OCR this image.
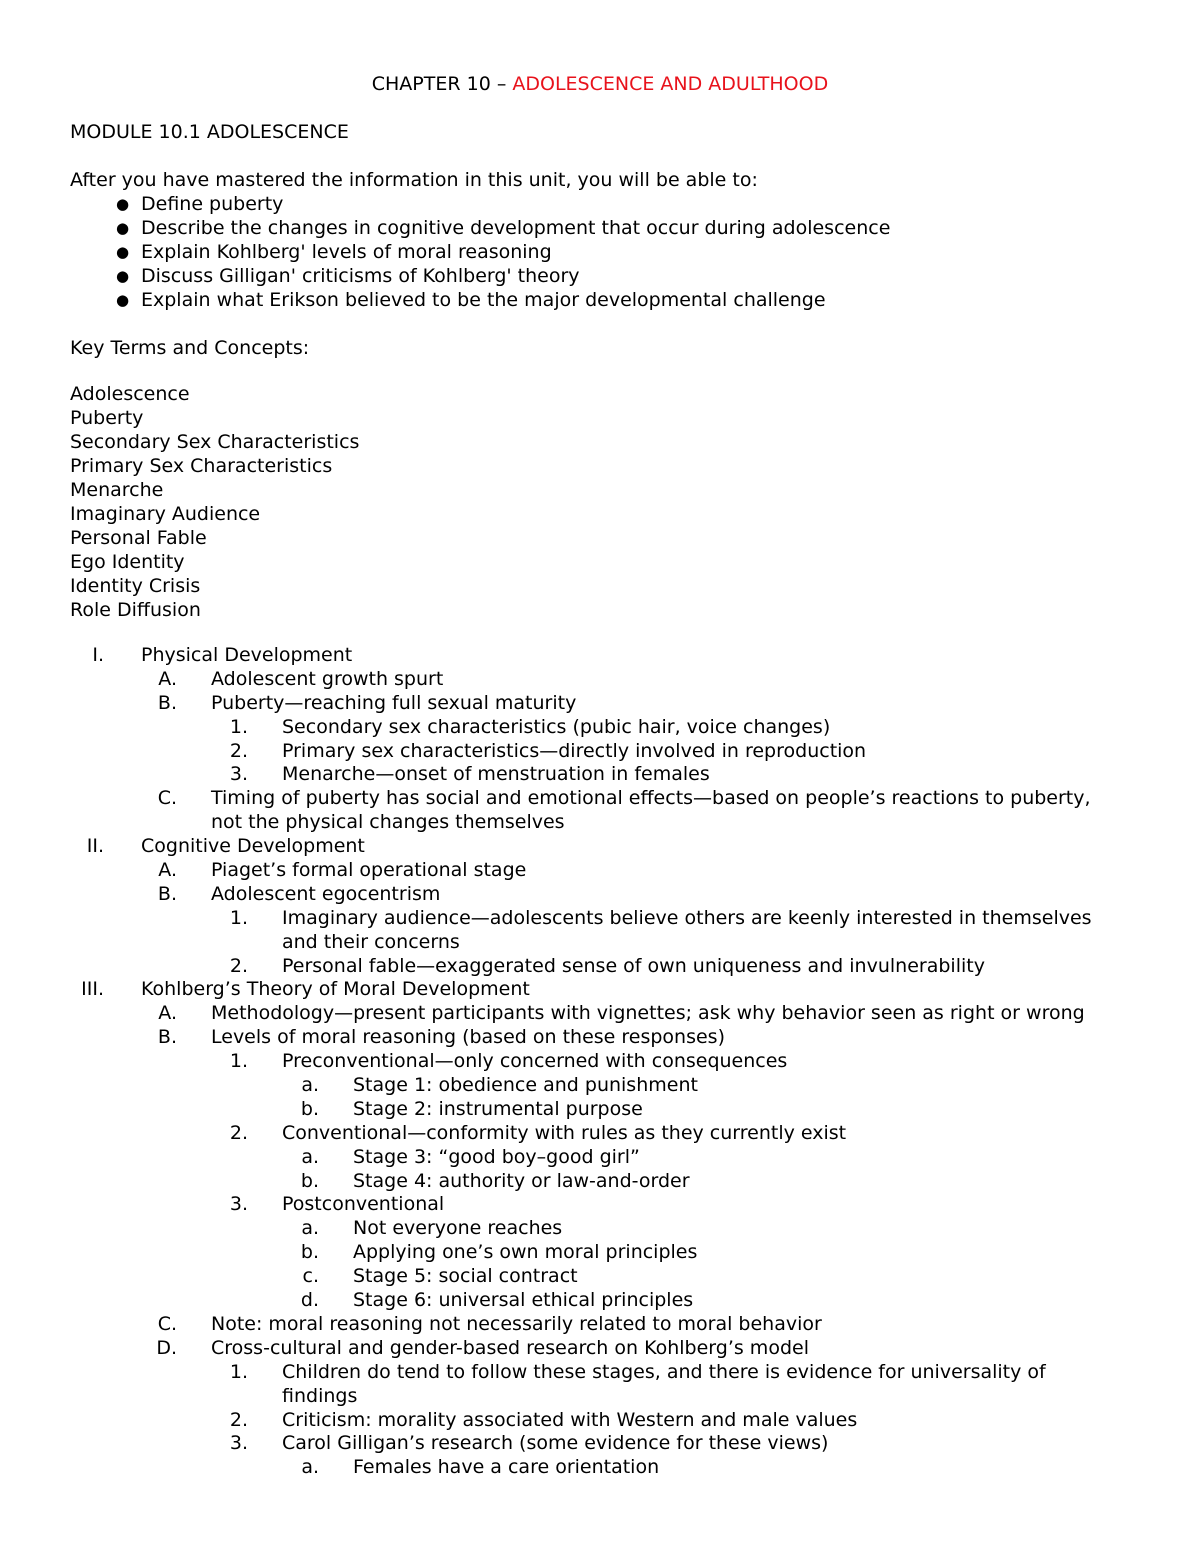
CHAPTER 10 – ADOLESCENCE AND ADULTHOOD
MODULE 10.1 ADOLESCENCE
After you have mastered the information in this unit, you will be able to:
● Define puberty
● Describe the changes in cognitive development that occur during adolescence
● Explain Kohlberg' levels of moral reasoning
● Discuss Gilligan' criticisms of Kohlberg' theory
● Explain what Erikson believed to be the major developmental challenge
Key Terms and Concepts:
Adolescence
Puberty
Secondary Sex Characteristics
Primary Sex Characteristics
Menarche
Imaginary Audience
Personal Fable
Ego Identity
Identity Crisis
Role Diffusion
I. Physical Development
A. Adolescent growth spurt
B. Puberty—reaching full sexual maturity
1. Secondary sex characteristics (pubic hair, voice changes)
2. Primary sex characteristics—directly involved in reproduction
3. Menarche—onset of menstruation in females
C. Timing of puberty has social and emotional effects—based on people’s reactions to puberty,
not the physical changes themselves
II. Cognitive Development
A. Piaget’s formal operational stage
B. Adolescent egocentrism
1. Imaginary audience—adolescents believe others are keenly interested in themselves
and their concerns
2. Personal fable—exaggerated sense of own uniqueness and invulnerability
III. Kohlberg’s Theory of Moral Development
A. Methodology—present participants with vignettes; ask why behavior seen as right or wrong
B. Levels of moral reasoning (based on these responses)
1. Preconventional—only concerned with consequences
a. Stage 1: obedience and punishment
b. Stage 2: instrumental purpose
2. Conventional—conformity with rules as they currently exist
a. Stage 3: “good boy–good girl”
b. Stage 4: authority or law-and-order
3. Postconventional
a. Not everyone reaches
b. Applying one’s own moral principles
c. Stage 5: social contract
d. Stage 6: universal ethical principles
C. Note: moral reasoning not necessarily related to moral behavior
D. Cross-cultural and gender-based research on Kohlberg’s model
1. Children do tend to follow these stages, and there is evidence for universality of
findings
2. Criticism: morality associated with Western and male values
3. Carol Gilligan’s research (some evidence for these views)
a. Females have a care orientation
